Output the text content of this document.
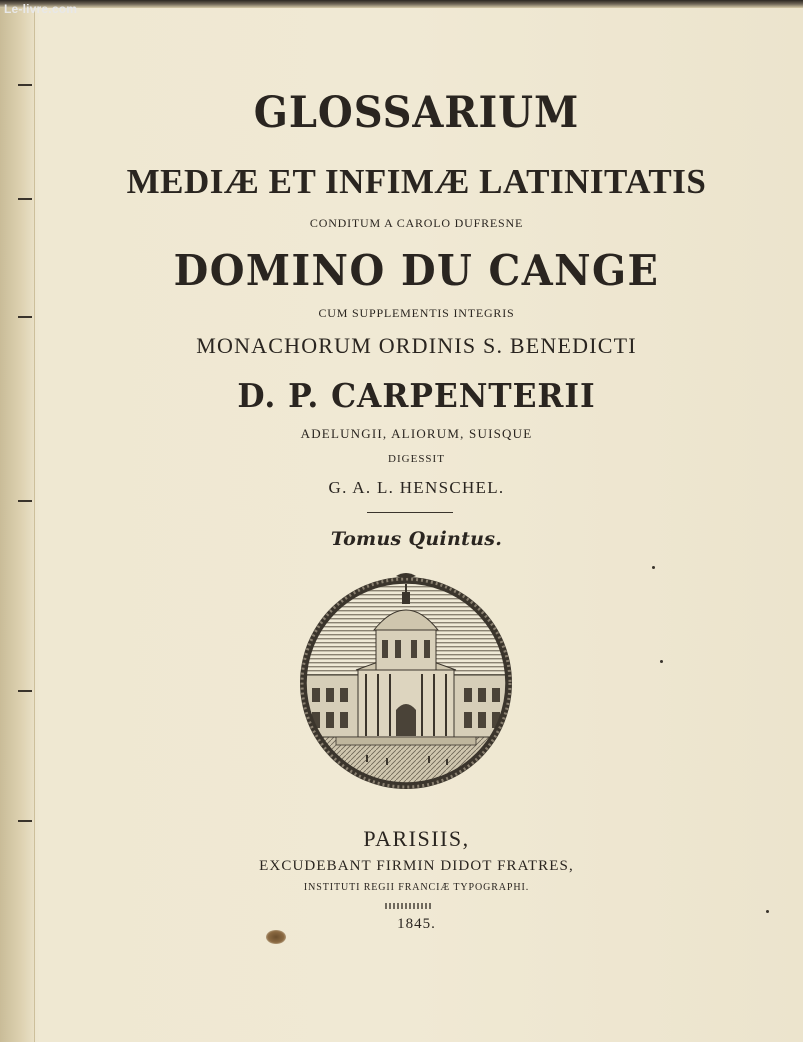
Le-livre.com
GLOSSARIUM
MEDIÆ ET INFIMÆ LATINITATIS
CONDITUM A CAROLO DUFRESNE
DOMINO DU CANGE
CUM SUPPLEMENTIS INTEGRIS
MONACHORUM ORDINIS S. BENEDICTI
D. P. CARPENTERII
ADELUNGII, ALIORUM, SUISQUE
DIGESSIT
G. A. L. HENSCHEL.
Tomus Quintus.
PARISIIS,
EXCUDEBANT FIRMIN DIDOT FRATRES,
INSTITUTI REGII FRANCIÆ TYPOGRAPHI.
1845.
